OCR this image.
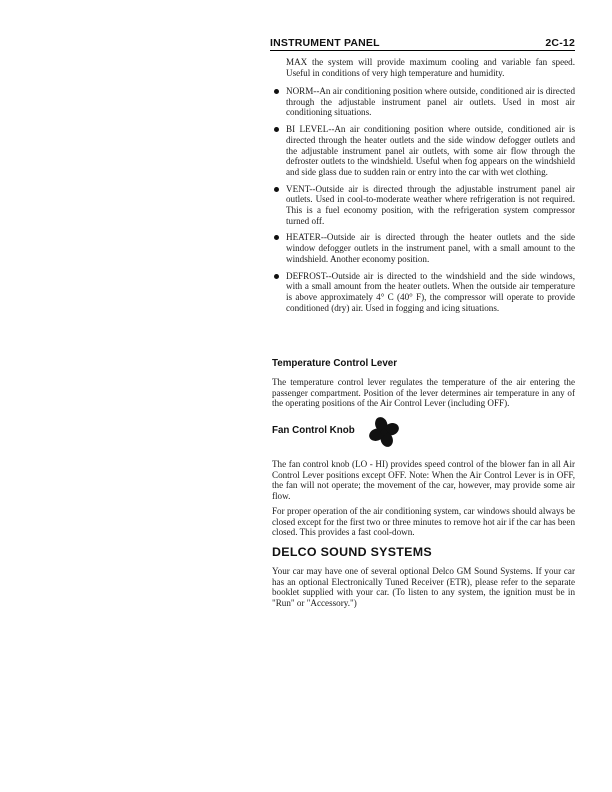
INSTRUMENT PANEL	2C-12

MAX the system will provide maximum cooling and variable fan speed. Useful in conditions of very high temperature and humidity.

NORM--An air conditioning position where outside, conditioned air is directed through the adjustable instrument panel air outlets. Used in most air conditioning situations.

BI LEVEL--An air conditioning position where outside, conditioned air is directed through the heater outlets and the side window defogger outlets and the adjustable instrument panel air outlets, with some air flow through the defroster outlets to the windshield. Useful when fog appears on the windshield and side glass due to sudden rain or entry into the car with wet clothing.

VENT--Outside air is directed through the adjustable instrument panel air outlets. Used in cool-to-moderate weather where refrigeration is not required. This is a fuel economy position, with the refrigeration system compressor turned off.

HEATER--Outside air is directed through the heater outlets and the side window defogger outlets in the instrument panel, with a small amount to the windshield. Another economy position.

DEFROST--Outside air is directed to the windshield and the side windows, with a small amount from the heater outlets. When the outside air temperature is above approximately 4° C (40° F), the compressor will operate to provide conditioned (dry) air. Used in fogging and icing situations.

Temperature Control Lever

The temperature control lever regulates the temperature of the air entering the passenger compartment. Position of the lever determines air temperature in any of the operating positions of the Air Control Lever (including OFF).

Fan Control Knob

The fan control knob (LO - HI) provides speed control of the blower fan in all Air Control Lever positions except OFF. Note: When the Air Control Lever is in OFF, the fan will not operate; the movement of the car, however, may provide some air flow.

For proper operation of the air conditioning system, car windows should always be closed except for the first two or three minutes to remove hot air if the car has been closed. This provides a fast cool-down.

DELCO SOUND SYSTEMS

Your car may have one of several optional Delco GM Sound Systems. If your car has an optional Electronically Tuned Receiver (ETR), please refer to the separate booklet supplied with your car. (To listen to any system, the ignition must be in "Run" or "Accessory.")
